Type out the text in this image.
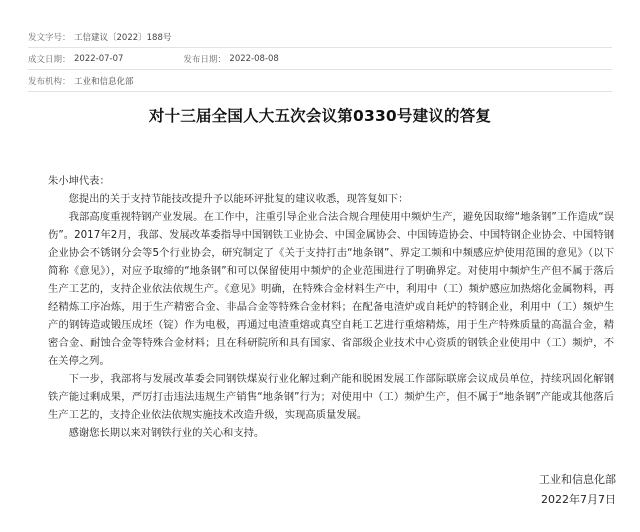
发文字号： 工信建议〔2022〕188号
成文日期： 2022-07-07	发布日期： 2022-08-08
发布机构： 工业和信息化部
对十三届全国人大五次会议第0330号建议的答复

朱小坤代表：

您提出的关于支持节能技改提升予以能环评批复的建议收悉，现答复如下：

我部高度重视特钢产业发展。在工作中，注重引导企业合法合规合理使用中频炉生产，避免因取缔“地条钢”工作造成“误伤”。2017年2月，我部、发展改革委指导中国钢铁工业协会、中国金属协会、中国铸造协会、中国特钢企业协会、中国特钢企业协会不锈钢分会等5个行业协会，研究制定了《关于支持打击“地条钢”、界定工频和中频感应炉使用范围的意见》（以下简称《意见》），对应予取缔的“地条钢”和可以保留使用中频炉的企业范围进行了明确界定。对使用中频炉生产但不属于落后生产工艺的，支持企业依法依规生产。《意见》明确，在特殊合金材料生产中，利用中（工）频炉感应加热熔化金属物料，再经精炼工序冶炼，用于生产精密合金、非晶合金等特殊合金材料；在配备电渣炉或自耗炉的特钢企业，利用中（工）频炉生产的钢铸造或锻压成坯（锭）作为电极，再通过电渣重熔或真空自耗工艺进行重熔精炼，用于生产特殊质量的高温合金，精密合金、耐蚀合金等特殊合金材料；且在科研院所和具有国家、省部级企业技术中心资质的钢铁企业使用中（工）频炉，不在关停之列。

下一步，我部将与发展改革委会同钢铁煤炭行业化解过剩产能和脱困发展工作部际联席会议成员单位，持续巩固化解钢铁产能过剩成果，严厉打击违法违规生产销售“地条钢”行为；对使用中（工）频炉生产，但不属于“地条钢”产能或其他落后生产工艺的，支持企业依法依规实施技术改造升级，实现高质量发展。

感谢您长期以来对钢铁行业的关心和支持。

工业和信息化部
2022年7月7日
